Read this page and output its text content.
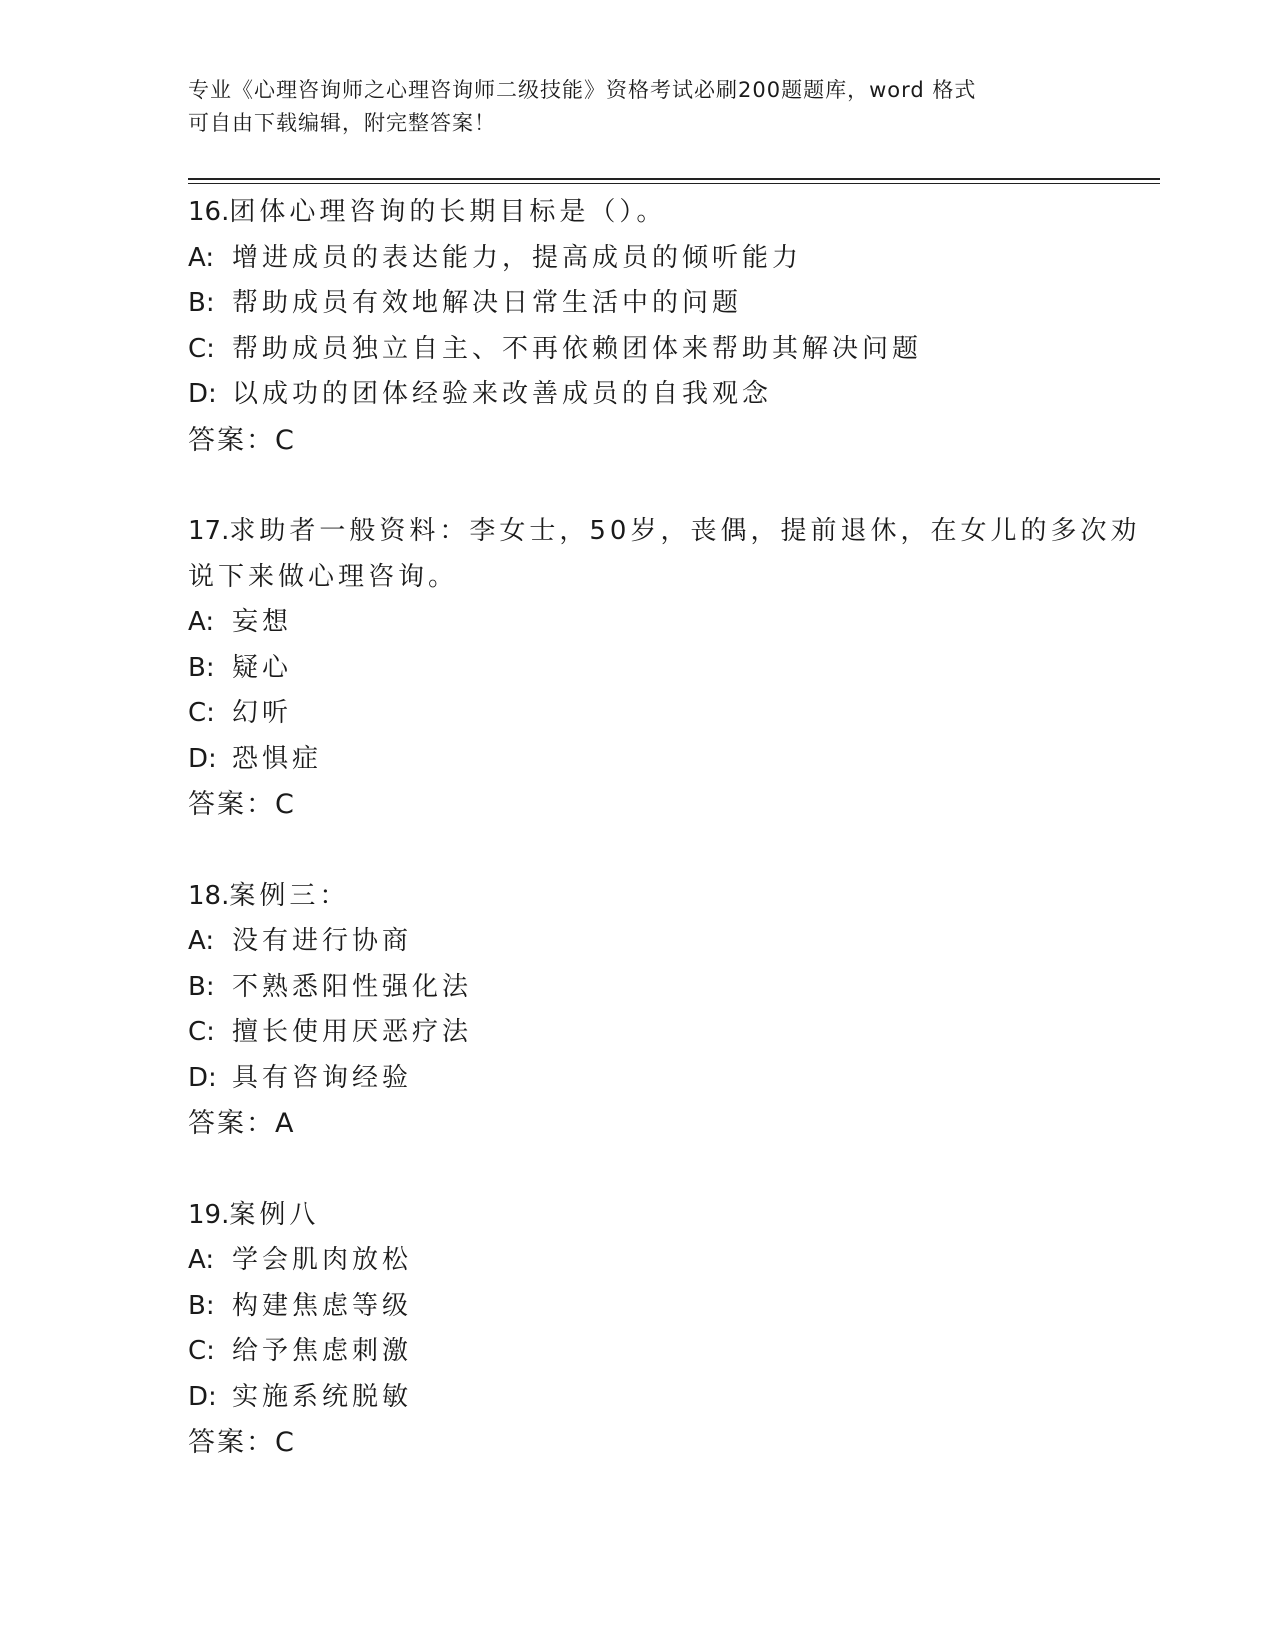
专业《心理咨询师之心理咨询师二级技能》资格考试必刷200题题库，word 格式
可自由下载编辑，附完整答案！

16.团体心理咨询的长期目标是（）。

A: 增进成员的表达能力，提高成员的倾听能力

B: 帮助成员有效地解决日常生活中的问题

C: 帮助成员独立自主、不再依赖团体来帮助其解决问题

D: 以成功的团体经验来改善成员的自我观念

答案：C

17.求助者一般资料：李女士，50岁，丧偶，提前退休，在女儿的多次劝说下来做心理咨询。

A: 妄想

B: 疑心

C: 幻听

D: 恐惧症

答案：C

18.案例三：

A: 没有进行协商

B: 不熟悉阳性强化法

C: 擅长使用厌恶疗法

D: 具有咨询经验

答案：A

19.案例八

A: 学会肌肉放松

B: 构建焦虑等级

C: 给予焦虑刺激

D: 实施系统脱敏

答案：C
